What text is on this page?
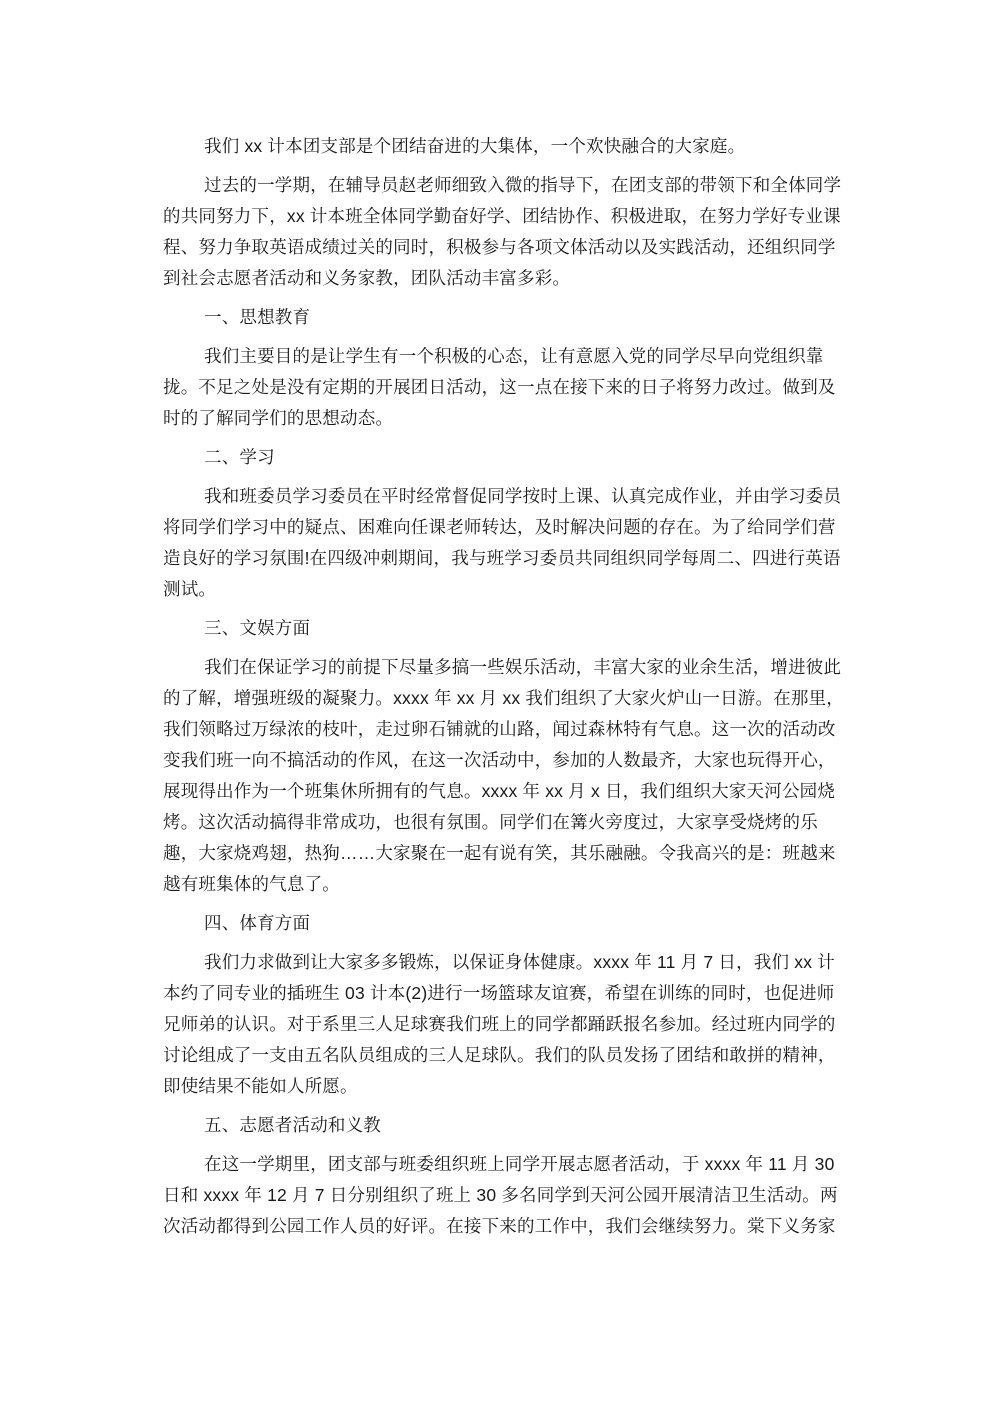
我们 xx 计本团支部是个团结奋进的大集体，一个欢快融合的大家庭。

过去的一学期，在辅导员赵老师细致入微的指导下，在团支部的带领下和全体同学的共同努力下，xx 计本班全体同学勤奋好学、团结协作、积极进取，在努力学好专业课程、努力争取英语成绩过关的同时，积极参与各项文体活动以及实践活动，还组织同学到社会志愿者活动和义务家教，团队活动丰富多彩。

一、思想教育

我们主要目的是让学生有一个积极的心态，让有意愿入党的同学尽早向党组织靠拢。不足之处是没有定期的开展团日活动，这一点在接下来的日子将努力改过。做到及时的了解同学们的思想动态。

二、学习

我和班委员学习委员在平时经常督促同学按时上课、认真完成作业，并由学习委员将同学们学习中的疑点、困难向任课老师转达，及时解决问题的存在。为了给同学们营造良好的学习氛围!在四级冲刺期间，我与班学习委员共同组织同学每周二、四进行英语测试。

三、文娱方面

我们在保证学习的前提下尽量多搞一些娱乐活动，丰富大家的业余生活，增进彼此的了解，增强班级的凝聚力。xxxx 年 xx 月 xx 我们组织了大家火炉山一日游。在那里，我们领略过万绿浓的枝叶，走过卵石铺就的山路，闻过森林特有气息。这一次的活动改变我们班一向不搞活动的作风，在这一次活动中，参加的人数最齐，大家也玩得开心，展现得出作为一个班集休所拥有的气息。xxxx 年 xx 月 x 日，我们组织大家天河公园烧烤。这次活动搞得非常成功，也很有氛围。同学们在篝火旁度过，大家享受烧烤的乐趣，大家烧鸡翅，热狗……大家聚在一起有说有笑，其乐融融。令我高兴的是：班越来越有班集体的气息了。

四、体育方面

我们力求做到让大家多多锻炼，以保证身体健康。xxxx 年 11 月 7 日，我们 xx 计本约了同专业的插班生 03 计本(2)进行一场篮球友谊赛，希望在训练的同时，也促进师兄师弟的认识。对于系里三人足球赛我们班上的同学都踊跃报名参加。经过班内同学的讨论组成了一支由五名队员组成的三人足球队。我们的队员发扬了团结和敢拼的精神，即使结果不能如人所愿。

五、志愿者活动和义教

在这一学期里，团支部与班委组织班上同学开展志愿者活动，于 xxxx 年 11 月 30 日和 xxxx 年 12 月 7 日分别组织了班上 30 多名同学到天河公园开展清洁卫生活动。两次活动都得到公园工作人员的好评。在接下来的工作中，我们会继续努力。棠下义务家
